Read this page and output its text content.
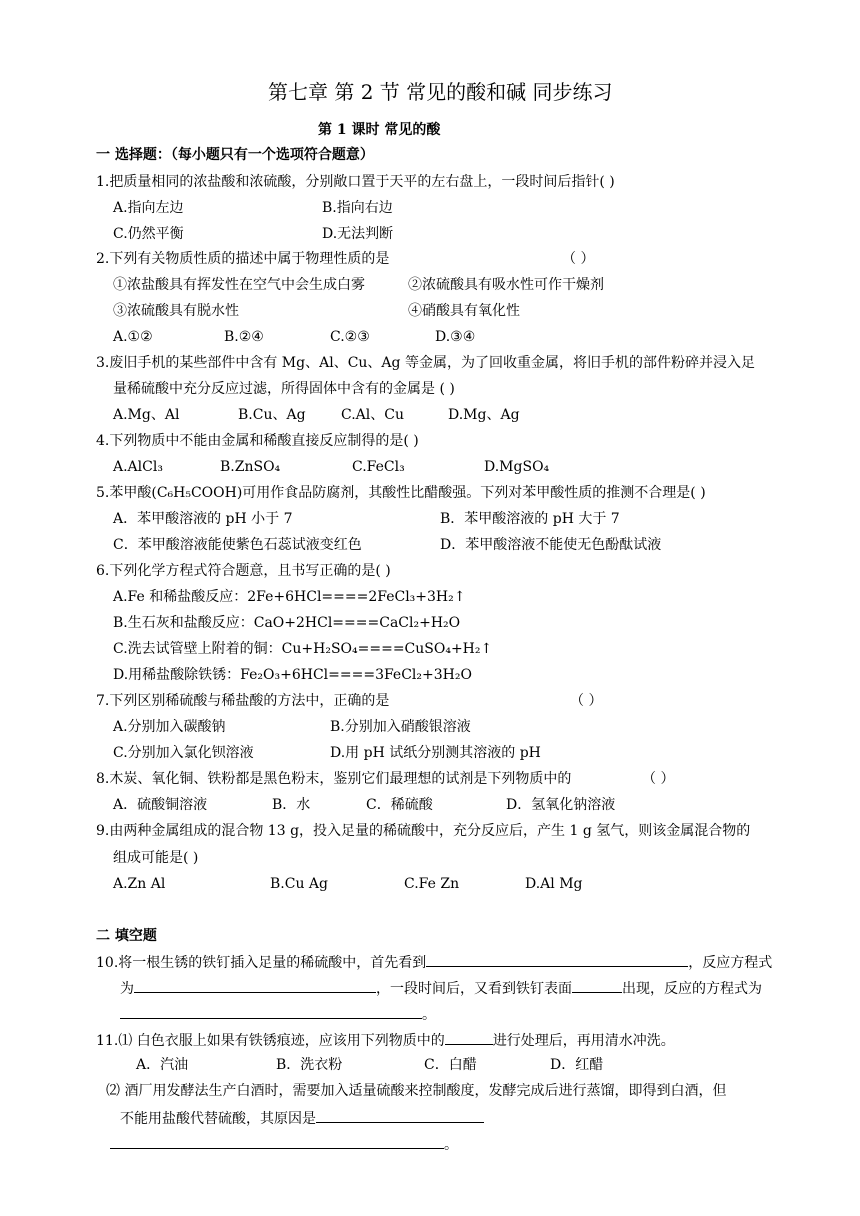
第七章 第 2 节 常见的酸和碱 同步练习
第 1 课时 常见的酸
一 选择题：（每小题只有一个选项符合题意）
1.把质量相同的浓盐酸和浓硫酸，分别敞口置于天平的左右盘上，一段时间后指针( )
A.指向左边	B.指向右边
C.仍然平衡	D.无法判断
2.下列有关物质性质的描述中属于物理性质的是	（ ）
①浓盐酸具有挥发性在空气中会生成白雾	②浓硫酸具有吸水性可作干燥剂
③浓硫酸具有脱水性	④硝酸具有氧化性
A.①②	B.②④	C.②③	D.③④
3.废旧手机的某些部件中含有 Mg、Al、Cu、Ag 等金属，为了回收重金属，将旧手机的部件粉碎并浸入足
量稀硫酸中充分反应过滤，所得固体中含有的金属是 ( )
A.Mg、Al	B.Cu、Ag	C.Al、Cu	D.Mg、Ag
4.下列物质中不能由金属和稀酸直接反应制得的是( )
A.AlCl₃	B.ZnSO₄	C.FeCl₃	D.MgSO₄
5.苯甲酸(C₆H₅COOH)可用作食品防腐剂，其酸性比醋酸强。下列对苯甲酸性质的推测不合理是( )
A．苯甲酸溶液的 pH 小于 7	B．苯甲酸溶液的 pH 大于 7
C．苯甲酸溶液能使紫色石蕊试液变红色	D．苯甲酸溶液不能使无色酚酞试液
6.下列化学方程式符合题意，且书写正确的是( )
A.Fe 和稀盐酸反应：2Fe+6HCl====2FeCl₃+3H₂↑
B.生石灰和盐酸反应：CaO+2HCl====CaCl₂+H₂O
C.洗去试管壁上附着的铜：Cu+H₂SO₄====CuSO₄+H₂↑
D.用稀盐酸除铁锈：Fe₂O₃+6HCl====3FeCl₂+3H₂O
7.下列区别稀硫酸与稀盐酸的方法中，正确的是	（ ）
A.分别加入碳酸钠	B.分别加入硝酸银溶液
C.分别加入氯化钡溶液	D.用 pH 试纸分别测其溶液的 pH
8.木炭、氧化铜、铁粉都是黑色粉末，鉴别它们最理想的试剂是下列物质中的	（ ）
A．硫酸铜溶液	B．水	C．稀硫酸	D．氢氧化钠溶液
9.由两种金属组成的混合物 13 g，投入足量的稀硫酸中，充分反应后，产生 1 g 氢气，则该金属混合物的
组成可能是( )
A.Zn Al	B.Cu Ag	C.Fe Zn	D.Al Mg
二 填空题
10.将一根生锈的铁钉插入足量的稀硫酸中，首先看到	，反应方程式
为	，一段时间后，又看到铁钉表面	出现，反应的方程式为
。
11.⑴ 白色衣服上如果有铁锈痕迹，应该用下列物质中的	进行处理后，再用清水冲洗。
A．汽油	B．洗衣粉	C．白醋	D．红醋
⑵ 酒厂用发酵法生产白酒时，需要加入适量硫酸来控制酸度，发酵完成后进行蒸馏，即得到白酒，但
不能用盐酸代替硫酸，其原因是
。
